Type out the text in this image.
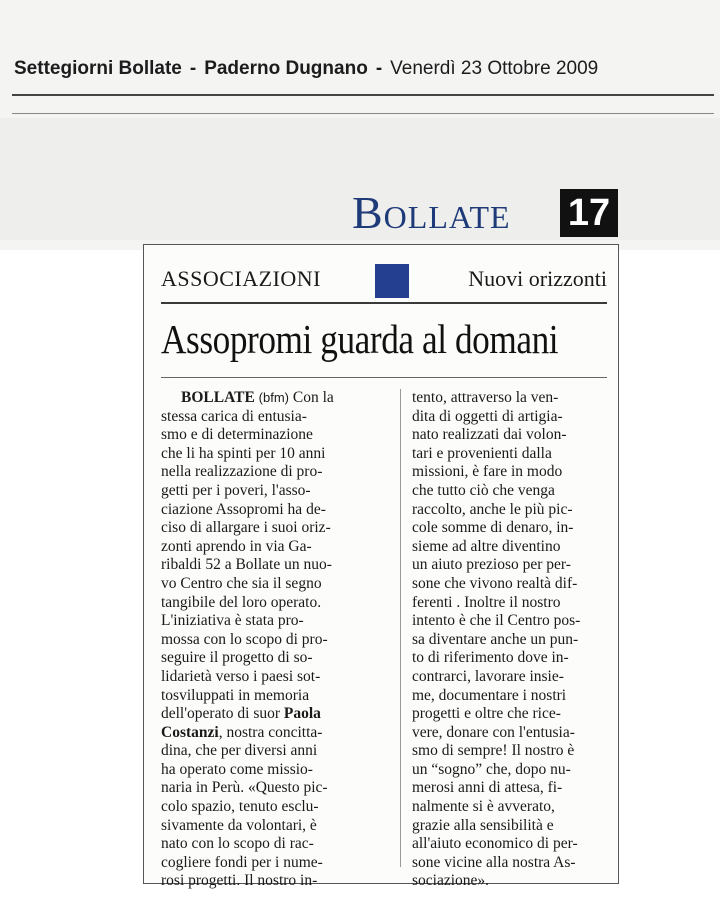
Settegiorni Bollate - Paderno Dugnano - Venerdì 23 Ottobre 2009
Bollate	17
ASSOCIAZIONI	Nuovi orizzonti
Assopromi guarda al domani
BOLLATE (bfm) Con la
stessa carica di entusia-
smo e di determinazione
che li ha spinti per 10 anni
nella realizzazione di pro-
getti per i poveri, l'asso-
ciazione Assopromi ha de-
ciso di allargare i suoi oriz-
zonti aprendo in via Ga-
ribaldi 52 a Bollate un nuo-
vo Centro che sia il segno
tangibile del loro operato.
L'iniziativa è stata pro-
mossa con lo scopo di pro-
seguire il progetto di so-
lidarietà verso i paesi sot-
tosviluppati in memoria
dell'operato di suor Paola
Costanzi, nostra concitta-
dina, che per diversi anni
ha operato come missio-
naria in Perù. «Questo pic-
colo spazio, tenuto esclu-
sivamente da volontari, è
nato con lo scopo di rac-
cogliere fondi per i nume-
rosi progetti. Il nostro in-
tento, attraverso la ven-
dita di oggetti di artigia-
nato realizzati dai volon-
tari e provenienti dalla
missioni, è fare in modo
che tutto ciò che venga
raccolto, anche le più pic-
cole somme di denaro, in-
sieme ad altre diventino
un aiuto prezioso per per-
sone che vivono realtà dif-
ferenti . Inoltre il nostro
intento è che il Centro pos-
sa diventare anche un pun-
to di riferimento dove in-
contrarci, lavorare insie-
me, documentare i nostri
progetti e oltre che rice-
vere, donare con l'entusia-
smo di sempre! Il nostro è
un “sogno” che, dopo nu-
merosi anni di attesa, fi-
nalmente si è avverato,
grazie alla sensibilità e
all'aiuto economico di per-
sone vicine alla nostra As-
sociazione».
